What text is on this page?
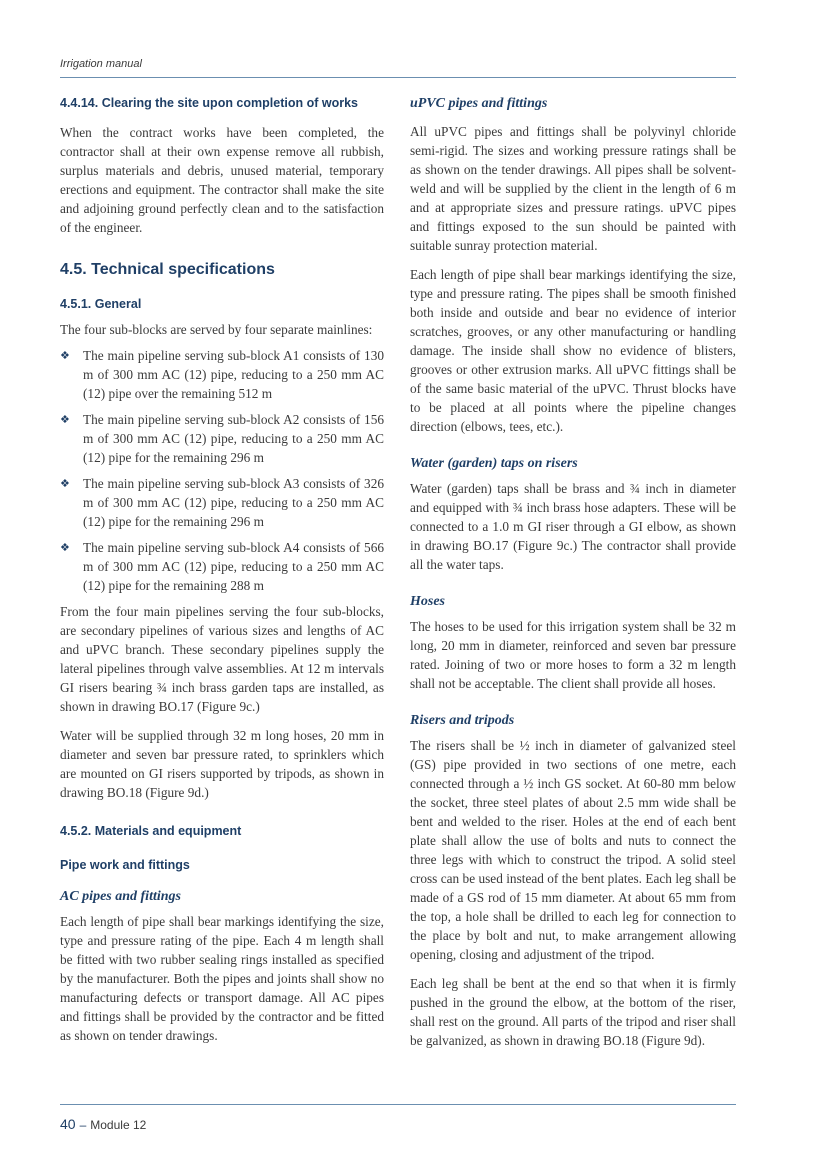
Irrigation manual
4.4.14. Clearing the site upon completion of works

When the contract works have been completed, the contractor shall at their own expense remove all rubbish, surplus materials and debris, unused material, temporary erections and equipment. The contractor shall make the site and adjoining ground perfectly clean and to the satisfaction of the engineer.

4.5. Technical specifications
4.5.1. General

The four sub-blocks are served by four separate mainlines:

❖ The main pipeline serving sub-block A1 consists of 130 m of 300 mm AC (12) pipe, reducing to a 250 mm AC (12) pipe over the remaining 512 m
❖ The main pipeline serving sub-block A2 consists of 156 m of 300 mm AC (12) pipe, reducing to a 250 mm AC (12) pipe for the remaining 296 m
❖ The main pipeline serving sub-block A3 consists of 326 m of 300 mm AC (12) pipe, reducing to a 250 mm AC (12) pipe for the remaining 296 m
❖ The main pipeline serving sub-block A4 consists of 566 m of 300 mm AC (12) pipe, reducing to a 250 mm AC (12) pipe for the remaining 288 m

From the four main pipelines serving the four sub-blocks, are secondary pipelines of various sizes and lengths of AC and uPVC branch. These secondary pipelines supply the lateral pipelines through valve assemblies. At 12 m intervals GI risers bearing ¾ inch brass garden taps are installed, as shown in drawing BO.17 (Figure 9c.)

Water will be supplied through 32 m long hoses, 20 mm in diameter and seven bar pressure rated, to sprinklers which are mounted on GI risers supported by tripods, as shown in drawing BO.18 (Figure 9d.)

4.5.2. Materials and equipment
Pipe work and fittings
AC pipes and fittings

Each length of pipe shall bear markings identifying the size, type and pressure rating of the pipe. Each 4 m length shall be fitted with two rubber sealing rings installed as specified by the manufacturer. Both the pipes and joints shall show no manufacturing defects or transport damage. All AC pipes and fittings shall be provided by the contractor and be fitted as shown on tender drawings.

uPVC pipes and fittings

All uPVC pipes and fittings shall be polyvinyl chloride semi-rigid. The sizes and working pressure ratings shall be as shown on the tender drawings. All pipes shall be solvent-weld and will be supplied by the client in the length of 6 m and at appropriate sizes and pressure ratings. uPVC pipes and fittings exposed to the sun should be painted with suitable sunray protection material.

Each length of pipe shall bear markings identifying the size, type and pressure rating. The pipes shall be smooth finished both inside and outside and bear no evidence of interior scratches, grooves, or any other manufacturing or handling damage. The inside shall show no evidence of blisters, grooves or other extrusion marks. All uPVC fittings shall be of the same basic material of the uPVC. Thrust blocks have to be placed at all points where the pipeline changes direction (elbows, tees, etc.).

Water (garden) taps on risers

Water (garden) taps shall be brass and ¾ inch in diameter and equipped with ¾ inch brass hose adapters. These will be connected to a 1.0 m GI riser through a GI elbow, as shown in drawing BO.17 (Figure 9c.) The contractor shall provide all the water taps.

Hoses

The hoses to be used for this irrigation system shall be 32 m long, 20 mm in diameter, reinforced and seven bar pressure rated. Joining of two or more hoses to form a 32 m length shall not be acceptable. The client shall provide all hoses.

Risers and tripods

The risers shall be ½ inch in diameter of galvanized steel (GS) pipe provided in two sections of one metre, each connected through a ½ inch GS socket. At 60-80 mm below the socket, three steel plates of about 2.5 mm wide shall be bent and welded to the riser. Holes at the end of each bent plate shall allow the use of bolts and nuts to connect the three legs with which to construct the tripod. A solid steel cross can be used instead of the bent plates. Each leg shall be made of a GS rod of 15 mm diameter. At about 65 mm from the top, a hole shall be drilled to each leg for connection to the place by bolt and nut, to make arrangement allowing opening, closing and adjustment of the tripod.

Each leg shall be bent at the end so that when it is firmly pushed in the ground the elbow, at the bottom of the riser, shall rest on the ground. All parts of the tripod and riser shall be galvanized, as shown in drawing BO.18 (Figure 9d).

40 – Module 12
